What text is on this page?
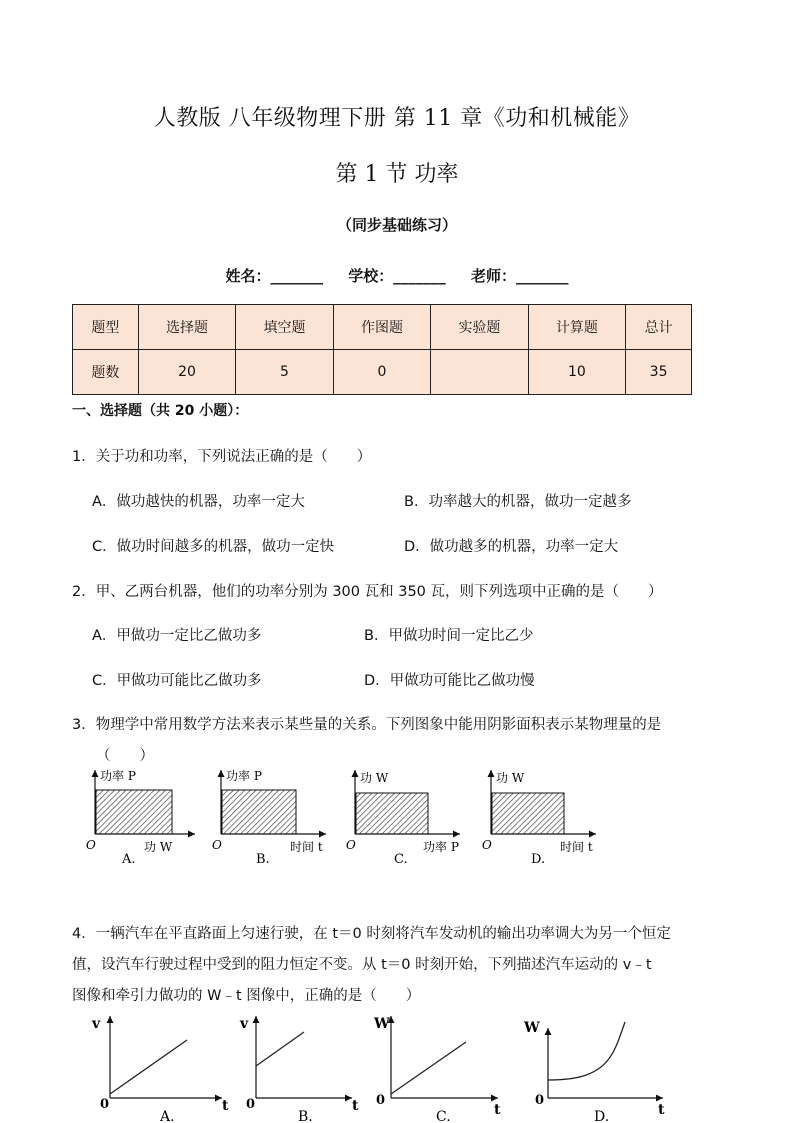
人教版 八年级物理下册 第 11 章《功和机械能》
第 1 节 功率
（同步基础练习）
姓名：_______ 学校：_______ 老师：_______
题型	选择题	填空题	作图题	实验题	计算题	总计
题数	20	5	0		10	35
一、选择题（共 20 小题）：
1．关于功和功率，下列说法正确的是（　　）
A．做功越快的机器，功率一定大	B．功率越大的机器，做功一定越多
C．做功时间越多的机器，做功一定快	D．做功越多的机器，功率一定大
2．甲、乙两台机器，他们的功率分别为 300 瓦和 350 瓦，则下列选项中正确的是（　　）
A．甲做功一定比乙做功多	B．甲做功时间一定比乙少
C．甲做功可能比乙做功多	D．甲做功可能比乙做功慢
3．物理学中常用数学方法来表示某些量的关系。下列图象中能用阴影面积表示某物理量的是
（　　）
功率 P
功 W
O
A.
功率 P
时间 t
O
B.
功 W
功率 P
O
C.
功 W
时间 t
O
D.
4．一辆汽车在平直路面上匀速行驶，在 t＝0 时刻将汽车发动机的输出功率调大为另一个恒定
值，设汽车行驶过程中受到的阻力恒定不变。从 t＝0 时刻开始，下列描述汽车运动的 v﹣t
图像和牵引力做功的 W﹣t 图像中，正确的是（　　）
v
t
0
A.
v
t
0
B.
W
t
0
C.
W
t
0
D.
